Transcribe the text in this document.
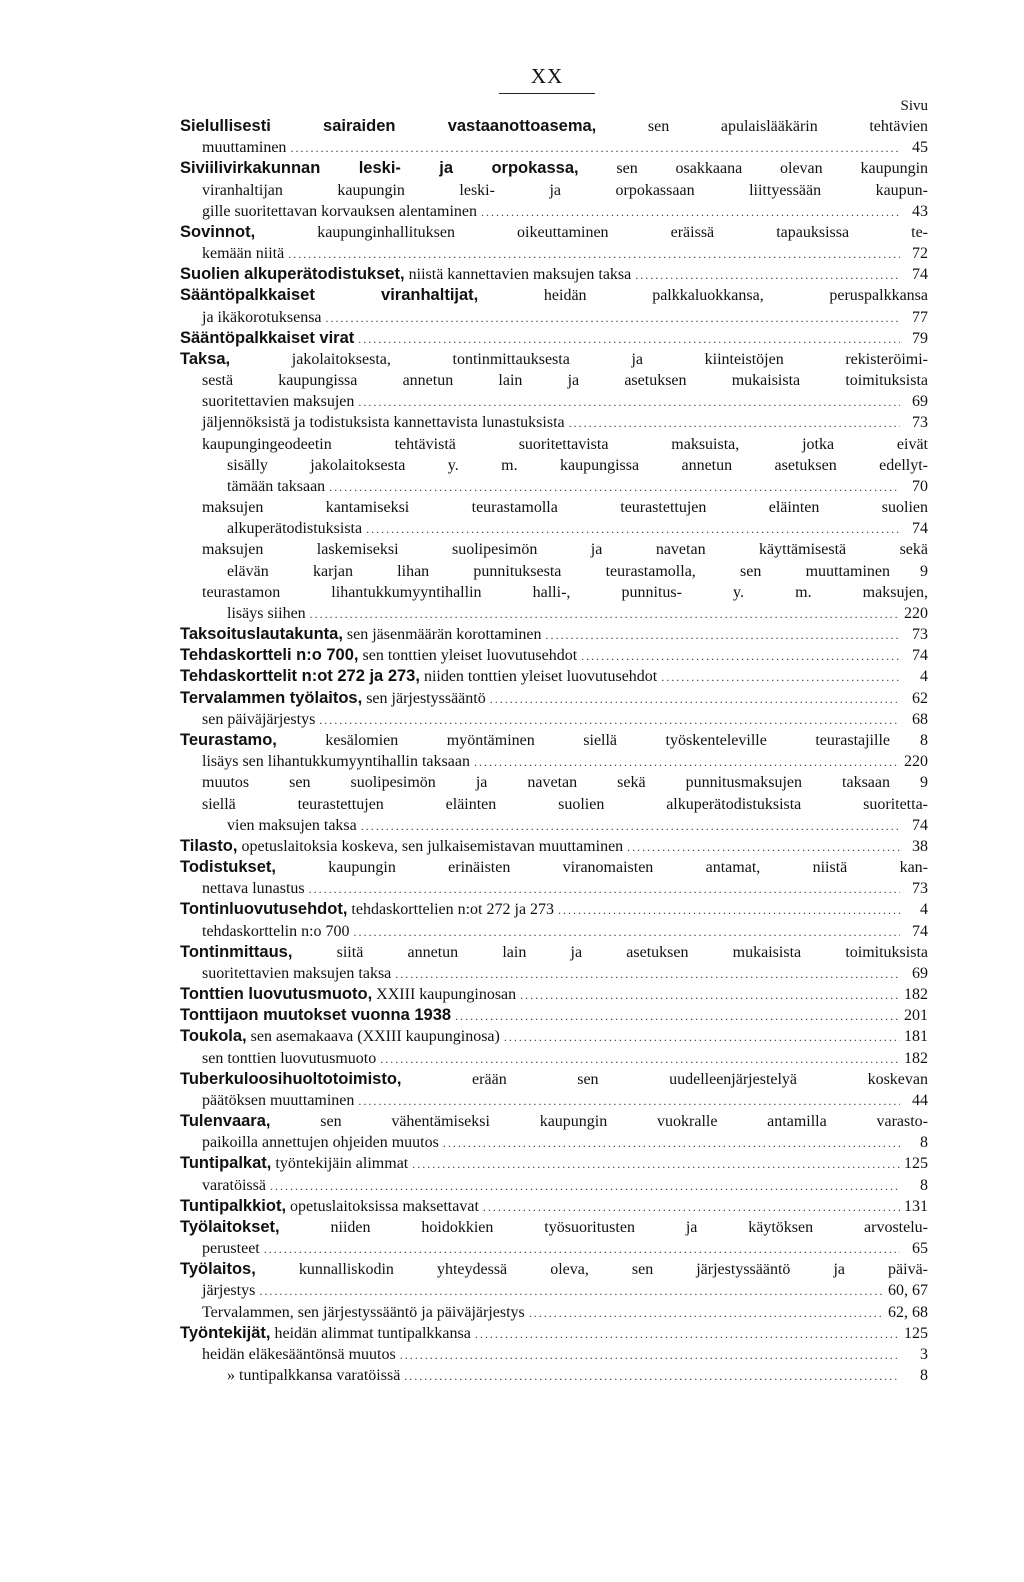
XX
Sivu
Sielullisesti sairaiden vastaanottoasema, sen apulaislääkärin tehtävien
muuttaminen .....	45
Siviilivirkakunnan leski- ja orpokassa, sen osakkaana olevan kaupungin
viranhaltijan kaupungin leski- ja orpokassaan liittyessään kaupun-
gille suoritettavan korvauksen alentaminen .....	43
Sovinnot, kaupunginhallituksen oikeuttaminen eräissä tapauksissa te-
kemään niitä .....	72
Suolien alkuperätodistukset, niistä kannettavien maksujen taksa .....	74
Sääntöpalkkaiset viranhaltijat, heidän palkkaluokkansa, peruspalkkansa
ja ikäkorotuksensa .....	77
Sääntöpalkkaiset virat .....	79
Taksa, jakolaitoksesta, tontinmittauksesta ja kiinteistöjen rekisteröimi-
sestä kaupungissa annetun lain ja asetuksen mukaisista toimituksista
suoritettavien maksujen .....	69
jäljennöksistä ja todistuksista kannettavista lunastuksista .....	73
kaupungingeodeetin tehtävistä suoritettavista maksuista, jotka eivät
sisälly jakolaitoksesta y. m. kaupungissa annetun asetuksen edellyt-
tämään taksaan .....	70
maksujen kantamiseksi teurastamolla teurastettujen eläinten suolien
alkuperätodistuksista .....	74
maksujen laskemiseksi suolipesimön ja navetan käyttämisestä sekä
elävän karjan lihan punnituksesta teurastamolla, sen muuttaminen 9
teurastamon lihantukkumyyntihallin halli-, punnitus- y. m. maksujen,
lisäys siihen .....	220
Taksoituslautakunta, sen jäsenmäärän korottaminen .....	73
Tehdaskortteli n:o 700, sen tonttien yleiset luovutusehdot .....	74
Tehdaskorttelit n:ot 272 ja 273, niiden tonttien yleiset luovutusehdot .....	4
Tervalammen työlaitos, sen järjestyssääntö .....	62
sen päiväjärjestys .....	68
Teurastamo, kesälomien myöntäminen siellä työskenteleville teurastajille 8
lisäys sen lihantukkumyyntihallin taksaan .....	220
muutos sen suolipesimön ja navetan sekä punnitusmaksujen taksaan 9
siellä teurastettujen eläinten suolien alkuperätodistuksista suoritetta-
vien maksujen taksa .....	74
Tilasto, opetuslaitoksia koskeva, sen julkaisemistavan muuttaminen .....	38
Todistukset, kaupungin erinäisten viranomaisten antamat, niistä kan-
nettava lunastus .....	73
Tontinluovutusehdot, tehdaskorttelien n:ot 272 ja 273 .....	4
tehdaskorttelin n:o 700 .....	74
Tontinmittaus, siitä annetun lain ja asetuksen mukaisista toimituksista
suoritettavien maksujen taksa .....	69
Tonttien luovutusmuoto, XXIII kaupunginosan .....	182
Tonttijaon muutokset vuonna 1938 .....	201
Toukola, sen asemakaava (XXIII kaupunginosa) .....	181
sen tonttien luovutusmuoto .....	182
Tuberkuloosihuoltotoimisto, erään sen uudelleenjärjestelyä koskevan
päätöksen muuttaminen .....	44
Tulenvaara, sen vähentämiseksi kaupungin vuokralle antamilla varasto-
paikoilla annettujen ohjeiden muutos .....	8
Tuntipalkat, työntekijäin alimmat .....	125
varatöissä .....	8
Tuntipalkkiot, opetuslaitoksissa maksettavat .....	131
Työlaitokset, niiden hoidokkien työsuoritusten ja käytöksen arvostelu-
perusteet .....	65
Työlaitos, kunnalliskodin yhteydessä oleva, sen järjestyssääntö ja päivä-
järjestys .....	60, 67
Tervalammen, sen järjestyssääntö ja päiväjärjestys .....	62, 68
Työntekijät, heidän alimmat tuntipalkkansa .....	125
heidän eläkesääntönsä muutos .....	3
» tuntipalkkansa varatöissä .....	8
